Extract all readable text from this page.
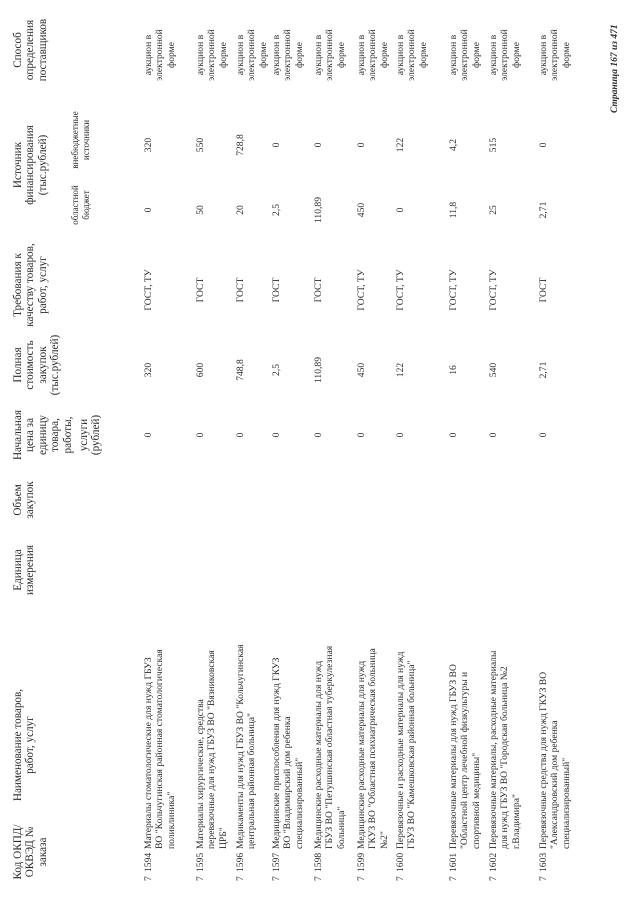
Код ОКПД/ ОКВЭД № заказа
Наименование товаров, работ, услуг
Единица измерения
Объем закупок
Начальная цена за единицу товара, работы, услуги (рублей)
Полная стоимость закупок (тыс.рублей)
Требования к качеству товаров, работ, услуг
Источник финансирования (тыс.рублей)
областной бюджет
внебюджетные источники
Способ определения поставщиков
7
1594
Материалы стоматологические для нужд ГБУЗ ВО "Кольчугинская районная стоматологическая поликлиника"
0
320
ГОСТ, ТУ
0
320
аукцион в электронной форме
7
1595
Материалы хирургические, средства перевязочные для нужд ГБУЗ ВО "Вязниковская ЦРБ"
0
600
ГОСТ
50
550
аукцион в электронной форме
7
1596
Медикаменты для нужд ГБУЗ ВО "Кольчугинская центральная районная больница"
0
748,8
ГОСТ
20
728,8
аукцион в электронной форме
7
1597
Медицинские приспособления для нужд ГКУЗ ВО "Владимирский дом ребенка специализированный"
0
2,5
ГОСТ
2,5
0
аукцион в электронной форме
7
1598
Медицинские расходные материалы для нужд ГБУЗ ВО "Петушинская областная туберкулезная больница"
0
110,89
ГОСТ
110,89
0
аукцион в электронной форме
7
1599
Медицинские расходные материалы для нужд ГКУЗ ВО "Областная психиатрическая больница №2"
0
450
ГОСТ, ТУ
450
0
аукцион в электронной форме
7
1600
Перевязочные и расходные материалы для нужд ГБУЗ ВО "Камешковская районная больница"
0
122
ГОСТ, ТУ
0
122
аукцион в электронной форме
7
1601
Перевязочные материалы для нужд ГБУЗ ВО "Областной центр лечебной физкультуры и спортивной медицины"
0
16
ГОСТ, ТУ
11,8
4,2
аукцион в электронной форме
7
1602
Перевязочные материалы, расходные материалы для нужд ГБУЗ ВО "Городская больница №2 г.Владимира"
0
540
ГОСТ, ТУ
25
515
аукцион в электронной форме
7
1603
Перевязочные средства для нужд ГКУЗ ВО "Александровский дом ребенка специализированный"
0
2,71
ГОСТ
2,71
0
аукцион в электронной форме	Страница 167 из 471
